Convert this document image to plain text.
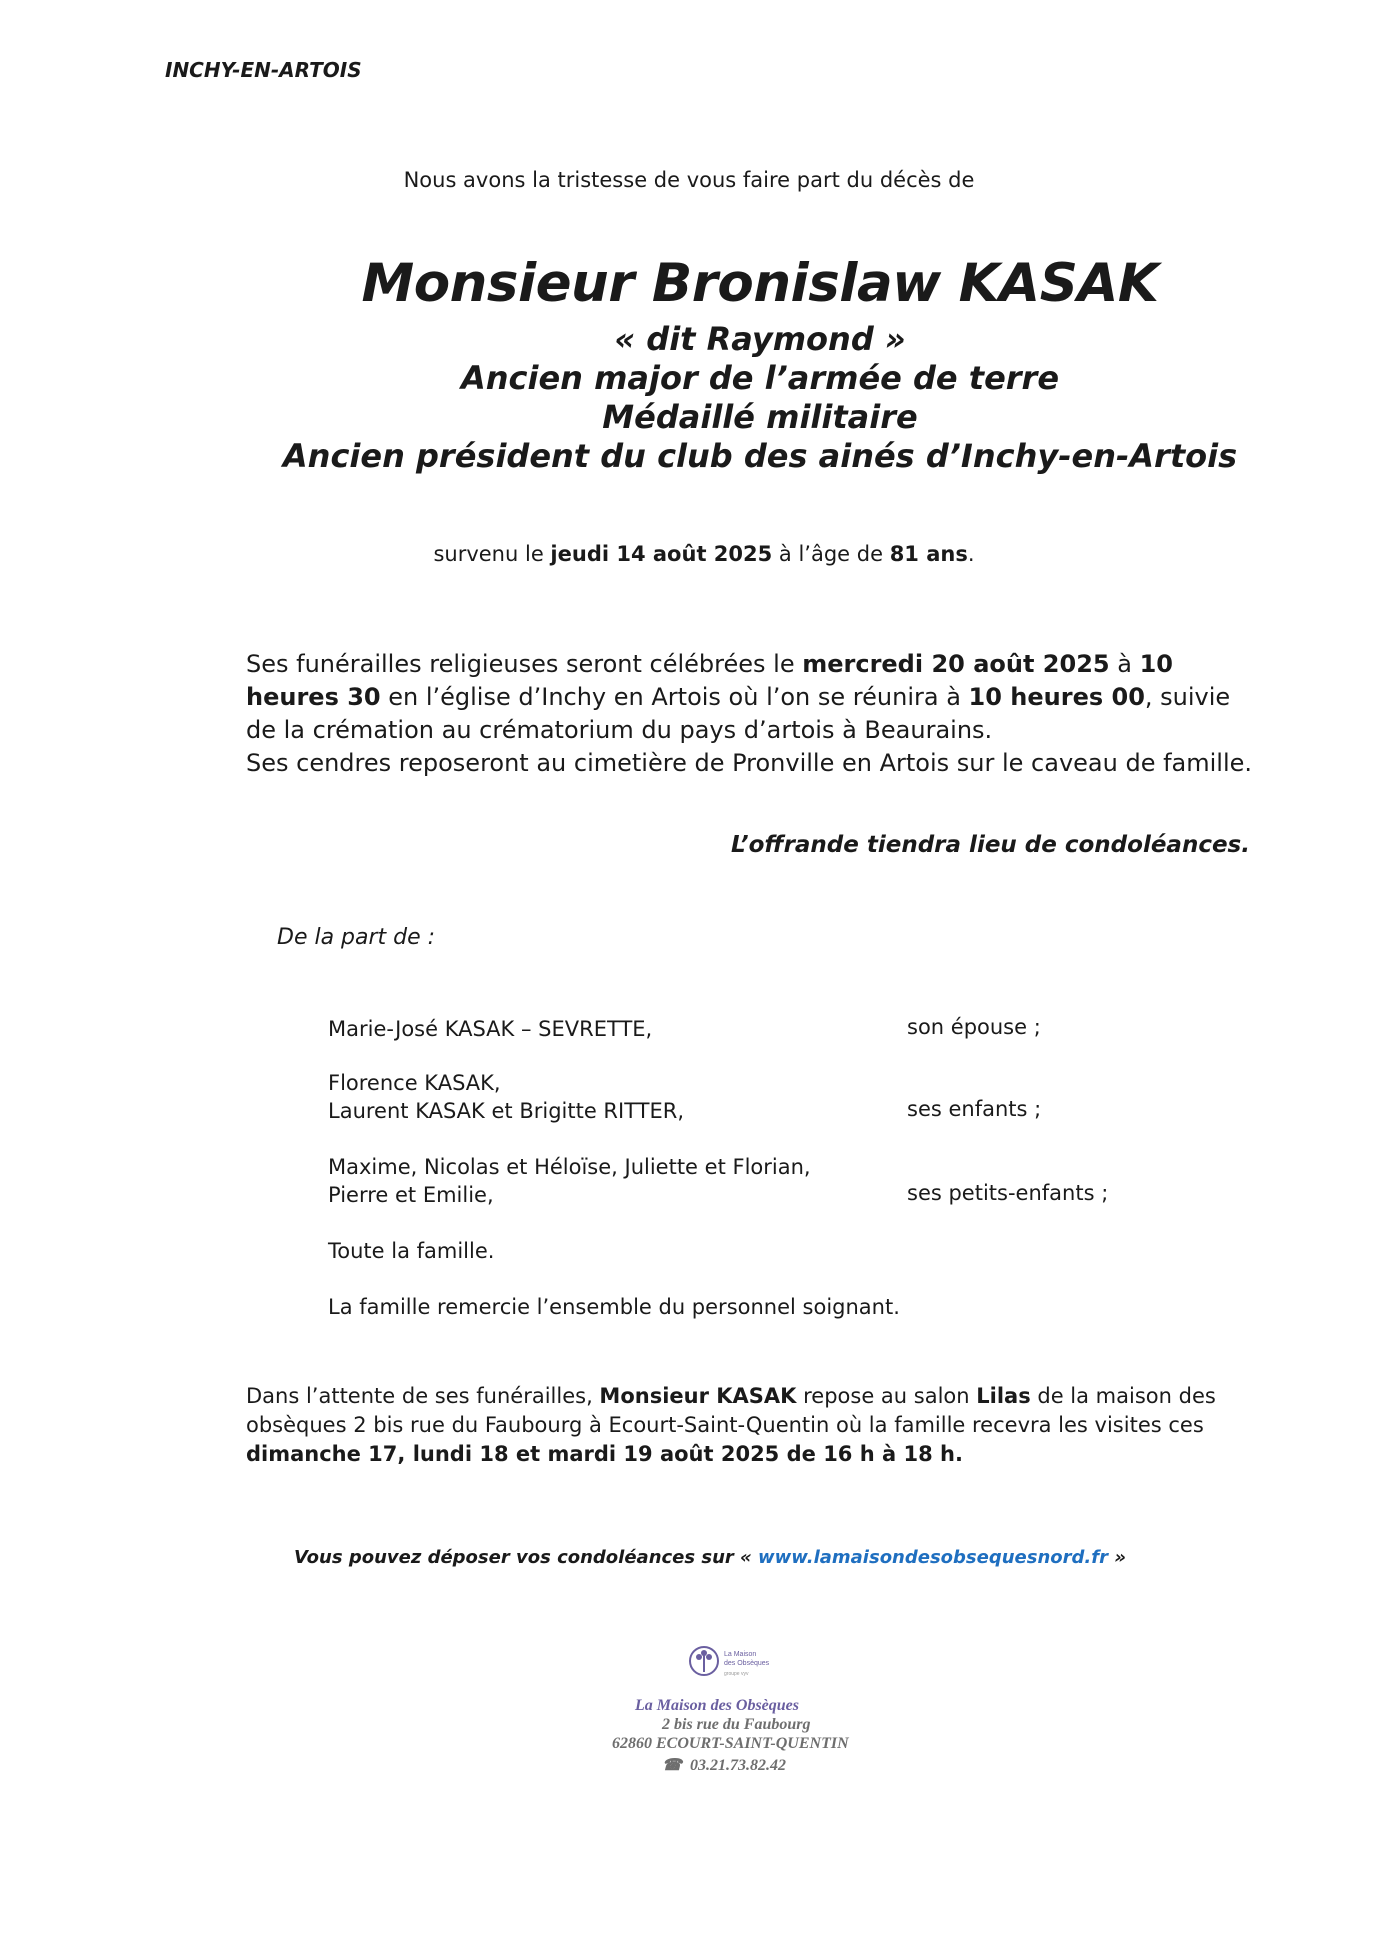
INCHY-EN-ARTOIS
Nous avons la tristesse de vous faire part du décès de
Monsieur Bronislaw KASAK
« dit Raymond »
Ancien major de l’armée de terre
Médaillé militaire
Ancien président du club des ainés d’Inchy-en-Artois
survenu le jeudi 14 août 2025 à l’âge de 81 ans.
Ses funérailles religieuses seront célébrées le mercredi 20 août 2025 à 10 heures 30 en l’église d’Inchy en Artois où l’on se réunira à 10 heures 00, suivie de la crémation au crématorium du pays d’artois à Beaurains.
Ses cendres reposeront au cimetière de Pronville en Artois sur le caveau de famille.
L’offrande tiendra lieu de condoléances.
De la part de :
Marie-José KASAK – SEVRETTE,	son épouse ;
Florence KASAK,
Laurent KASAK et Brigitte RITTER,	ses enfants ;
Maxime, Nicolas et Héloïse, Juliette et Florian,
Pierre et Emilie,	ses petits-enfants ;
Toute la famille.
La famille remercie l’ensemble du personnel soignant.
Dans l’attente de ses funérailles, Monsieur KASAK repose au salon Lilas de la maison des obsèques 2 bis rue du Faubourg à Ecourt-Saint-Quentin où la famille recevra les visites ces dimanche 17, lundi 18 et mardi 19 août 2025 de 16 h à 18 h.
Vous pouvez déposer vos condoléances sur « www.lamaisondesobsequesnord.fr »
La Maison
des Obsèques
groupe vyv
La Maison des Obsèques
2 bis rue du Faubourg
62860 ECOURT-SAINT-QUENTIN
☎ 03.21.73.82.42
